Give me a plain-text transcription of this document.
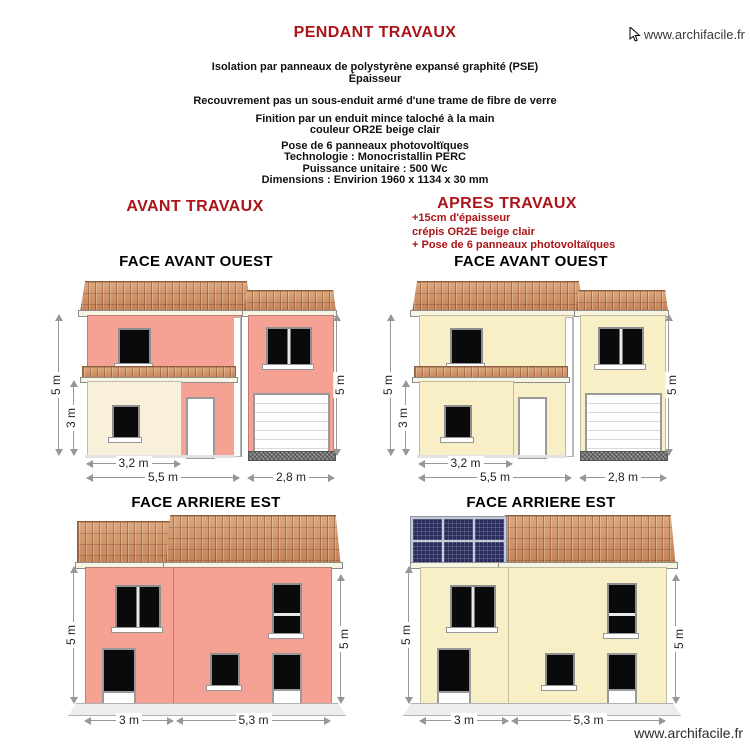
www.archifacile.fr
PENDANT TRAVAUX

Isolation par panneaux de polystyrène expansé graphité (PSE)
Épaisseur

Recouvrement pas un sous-enduit armé d'une trame de fibre de verre

Finition par un enduit mince taloché à la main
couleur OR2E beige clair

Pose de 6 panneaux photovoltïques
Technologie : Monocristallin PERC
Puissance unitaire : 500 Wc
Dimensions : Envirion 1960 x 1134 x 30 mm

AVANT TRAVAUX	APRES TRAVAUX
+15cm d'épaisseur
crépis OR2E beige clair
+ Pose de 6 panneaux photovoltaïques
FACE AVANT OUEST	FACE AVANT OUEST
FACE ARRIERE EST	FACE ARRIERE EST
5 m
3 m
5 m
3,2 m
5,5 m	2,8 m
5 m
3 m
5 m
3,2 m
5,5 m	2,8 m
5 m	5 m
3 m	5,3 m
5 m	5 m
3 m	5,3 m
www.archifacile.fr
